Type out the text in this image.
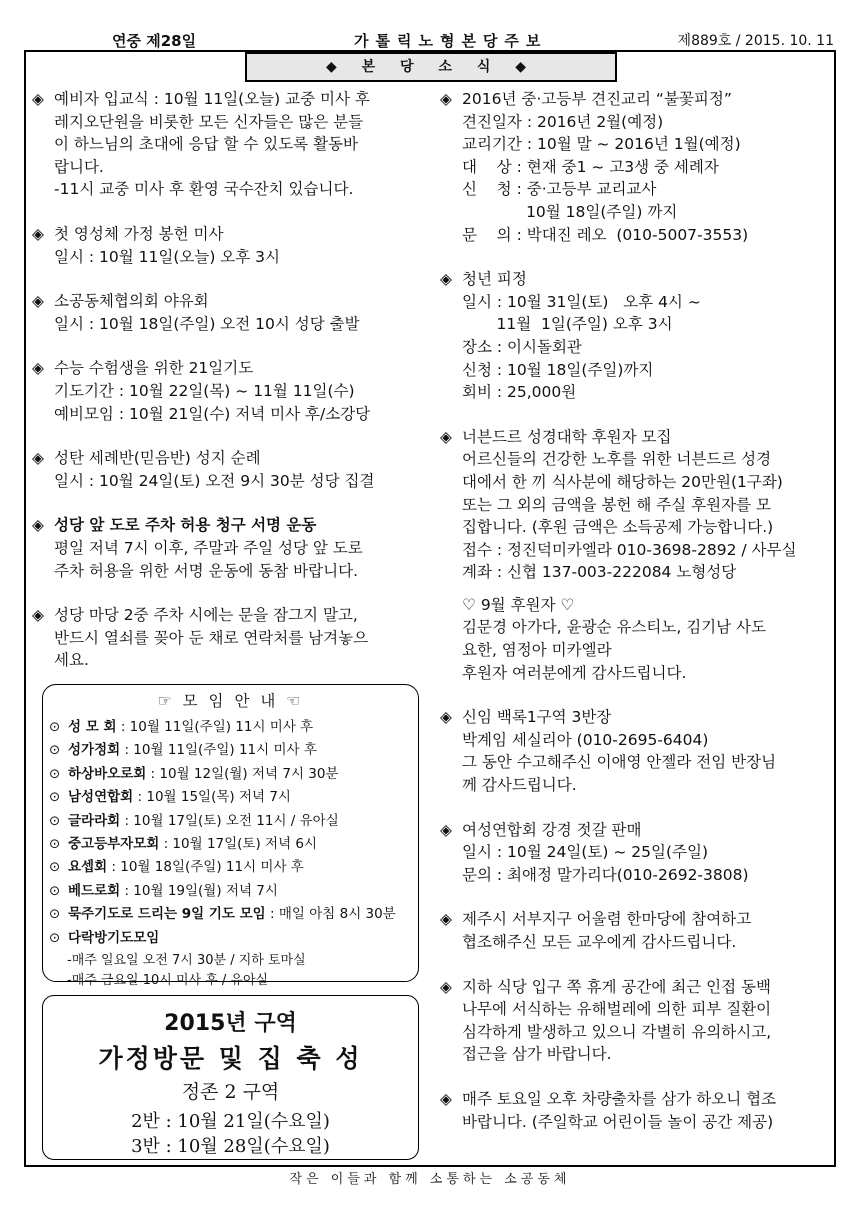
연중 제28일	가톨릭노형본당주보	제889호 / 2015. 10. 11
◆ 본 당 소 식 ◆
◈ 예비자 입교식 : 10월 11일(오늘) 교중 미사 후
레지오단원을 비롯한 모든 신자들은 많은 분들
이 하느님의 초대에 응답 할 수 있도록 활동바
랍니다.
-11시 교중 미사 후 환영 국수잔치 있습니다.
◈ 첫 영성체 가정 봉헌 미사
일시 : 10월 11일(오늘) 오후 3시
◈ 소공동체협의회 야유회
일시 : 10월 18일(주일) 오전 10시 성당 출발
◈ 수능 수험생을 위한 21일기도
기도기간 : 10월 22일(목) ~ 11월 11일(수)
예비모임 : 10월 21일(수) 저녁 미사 후/소강당
◈ 성탄 세례반(믿음반) 성지 순례
일시 : 10월 24일(토) 오전 9시 30분 성당 집결
◈ 성당 앞 도로 주차 허용 청구 서명 운동
평일 저녁 7시 이후, 주말과 주일 성당 앞 도로
주차 허용을 위한 서명 운동에 동참 바랍니다.
◈ 성당 마당 2중 주차 시에는 문을 잠그지 말고,
반드시 열쇠를 꽂아 둔 채로 연락처를 남겨놓으
세요.
◈ 2016년 중·고등부 견진교리 “불꽃피정”
견진일자 : 2016년 2월(예정)
교리기간 : 10월 말 ~ 2016년 1월(예정)
대    상 : 현재 중1 ~ 고3생 중 세례자
신    청 : 중·고등부 교리교사
10월 18일(주일) 까지
문    의 : 박대진 레오  (010-5007-3553)
◈ 청년 피정
일시 : 10월 31일(토)   오후 4시 ~
11월  1일(주일) 오후 3시
장소 : 이시돌회관
신청 : 10월 18일(주일)까지
회비 : 25,000원
◈ 너븐드르 성경대학 후원자 모집
어르신들의 건강한 노후를 위한 너븐드르 성경
대에서 한 끼 식사분에 해당하는 20만원(1구좌)
또는 그 외의 금액을 봉헌 해 주실 후원자를 모
집합니다. (후원 금액은 소득공제 가능합니다.)
접수 : 정진덕미카엘라 010-3698-2892 / 사무실
계좌 : 신협 137-003-222084 노형성당
♡ 9월 후원자 ♡
김문경 아가다, 윤광순 유스티노, 김기남 사도
요한, 염정아 미카엘라
후원자 여러분에게 감사드립니다.
◈ 신임 백록1구역 3반장
박계임 세실리아 (010-2695-6404)
그 동안 수고해주신 이애영 안젤라 전임 반장님
께 감사드립니다.
◈ 여성연합회 강경 젓갈 판매
일시 : 10월 24일(토) ~ 25일(주일)
문의 : 최애정 말가리다(010-2692-3808)
◈ 제주시 서부지구 어울렴 한마당에 참여하고
협조해주신 모든 교우에게 감사드립니다.
◈ 지하 식당 입구 쪽 휴게 공간에 최근 인접 동백
나무에 서식하는 유해벌레에 의한 피부 질환이
심각하게 발생하고 있으니 각별히 유의하시고,
접근을 삼가 바랍니다.
◈ 매주 토요일 오후 차량출차를 삼가 하오니 협조
바랍니다. (주일학교 어린이들 놀이 공간 제공)
☞ 모 임 안 내 ☜
⊙ 성 모 회 : 10월 11일(주일) 11시 미사 후
⊙ 성가정회 : 10월 11일(주일) 11시 미사 후
⊙ 하상바오로회 : 10월 12일(월) 저녁 7시 30분
⊙ 남성연합회 : 10월 15일(목) 저녁 7시
⊙ 글라라회 : 10월 17일(토) 오전 11시 / 유아실
⊙ 중고등부자모회 : 10월 17일(토) 저녁 6시
⊙ 요셉회 : 10월 18일(주일) 11시 미사 후
⊙ 베드로회 : 10월 19일(월) 저녁 7시
⊙ 묵주기도로 드리는 9일 기도 모임 : 매일 아침 8시 30분
⊙ 다락방기도모임
-매주 일요일 오전 7시 30분 / 지하 토마실
-매주 금요일 10시 미사 후 / 유아실
2015년 구역
가정방문 및 집 축 성
정존 2 구역
2반 : 10월 21일(수요일)
3반 : 10월 28일(수요일)
작은 이들과 함께 소통하는 소공동체
